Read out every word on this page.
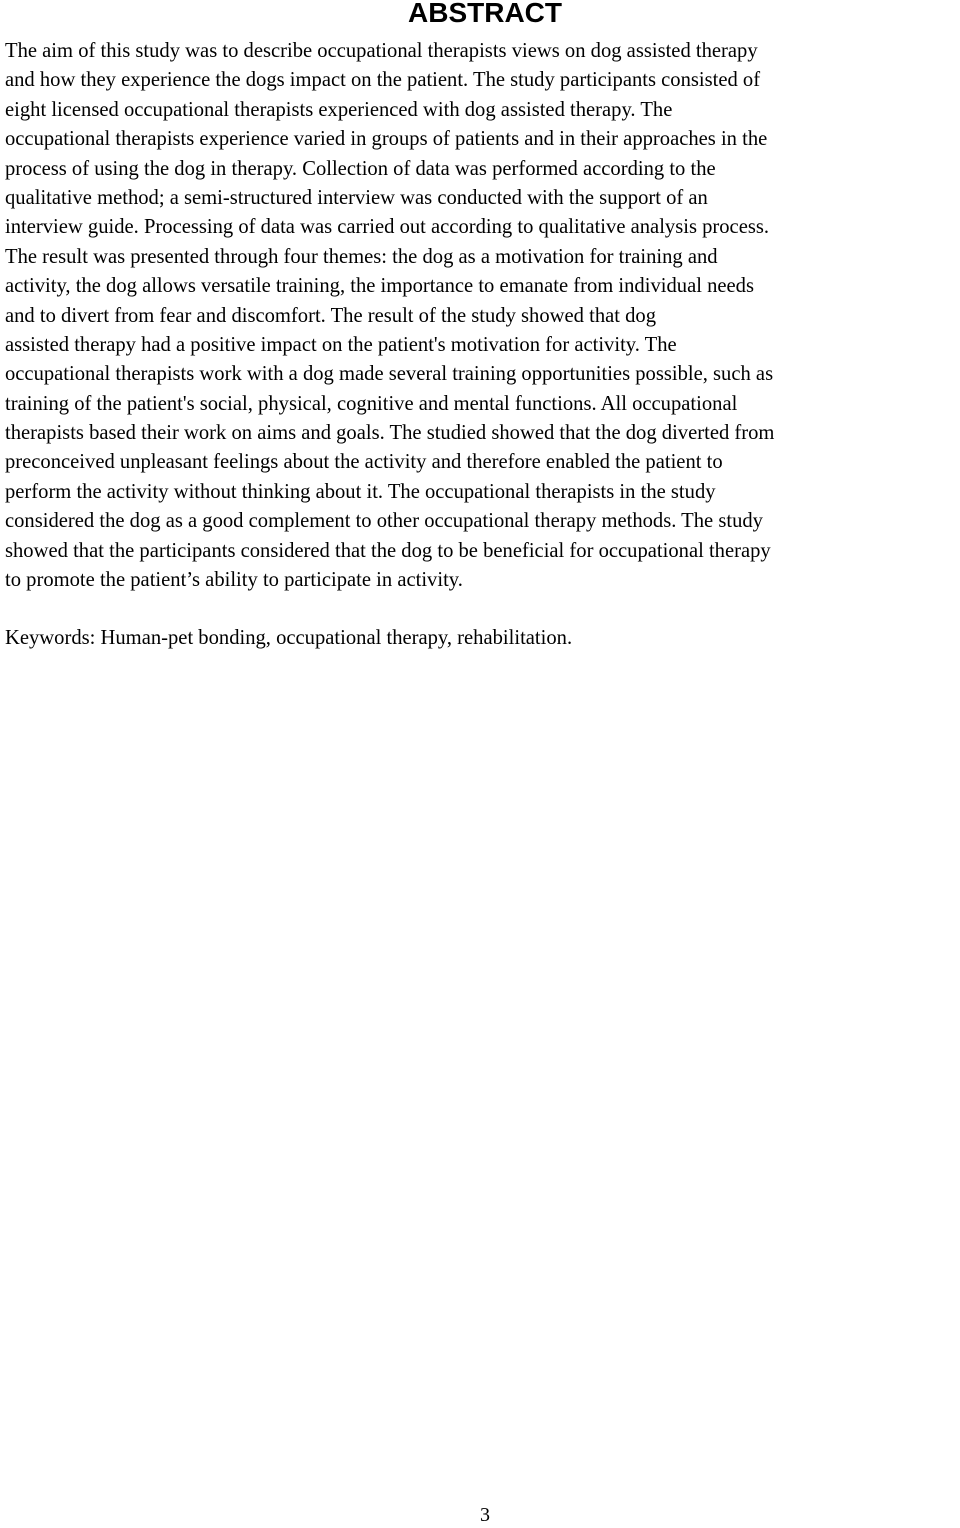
ABSTRACT
The aim of this study was to describe occupational therapists views on dog assisted therapy
and how they experience the dogs impact on the patient. The study participants consisted of
eight licensed occupational therapists experienced with dog assisted therapy. The
occupational therapists experience varied in groups of patients and in their approaches in the
process of using the dog in therapy. Collection of data was performed according to the
qualitative method; a semi-structured interview was conducted with the support of an
interview guide. Processing of data was carried out according to qualitative analysis process.
The result was presented through four themes: the dog as a motivation for training and
activity, the dog allows versatile training, the importance to emanate from individual needs
and to divert from fear and discomfort. The result of the study showed that dog
assisted therapy had a positive impact on the patient's motivation for activity. The
occupational therapists work with a dog made several training opportunities possible, such as
training of the patient's social, physical, cognitive and mental functions. All occupational
therapists based their work on aims and goals. The studied showed that the dog diverted from
preconceived unpleasant feelings about the activity and therefore enabled the patient to
perform the activity without thinking about it. The occupational therapists in the study
considered the dog as a good complement to other occupational therapy methods. The study
showed that the participants considered that the dog to be beneficial for occupational therapy
to promote the patient’s ability to participate in activity.

Keywords: Human-pet bonding, occupational therapy, rehabilitation.

3
